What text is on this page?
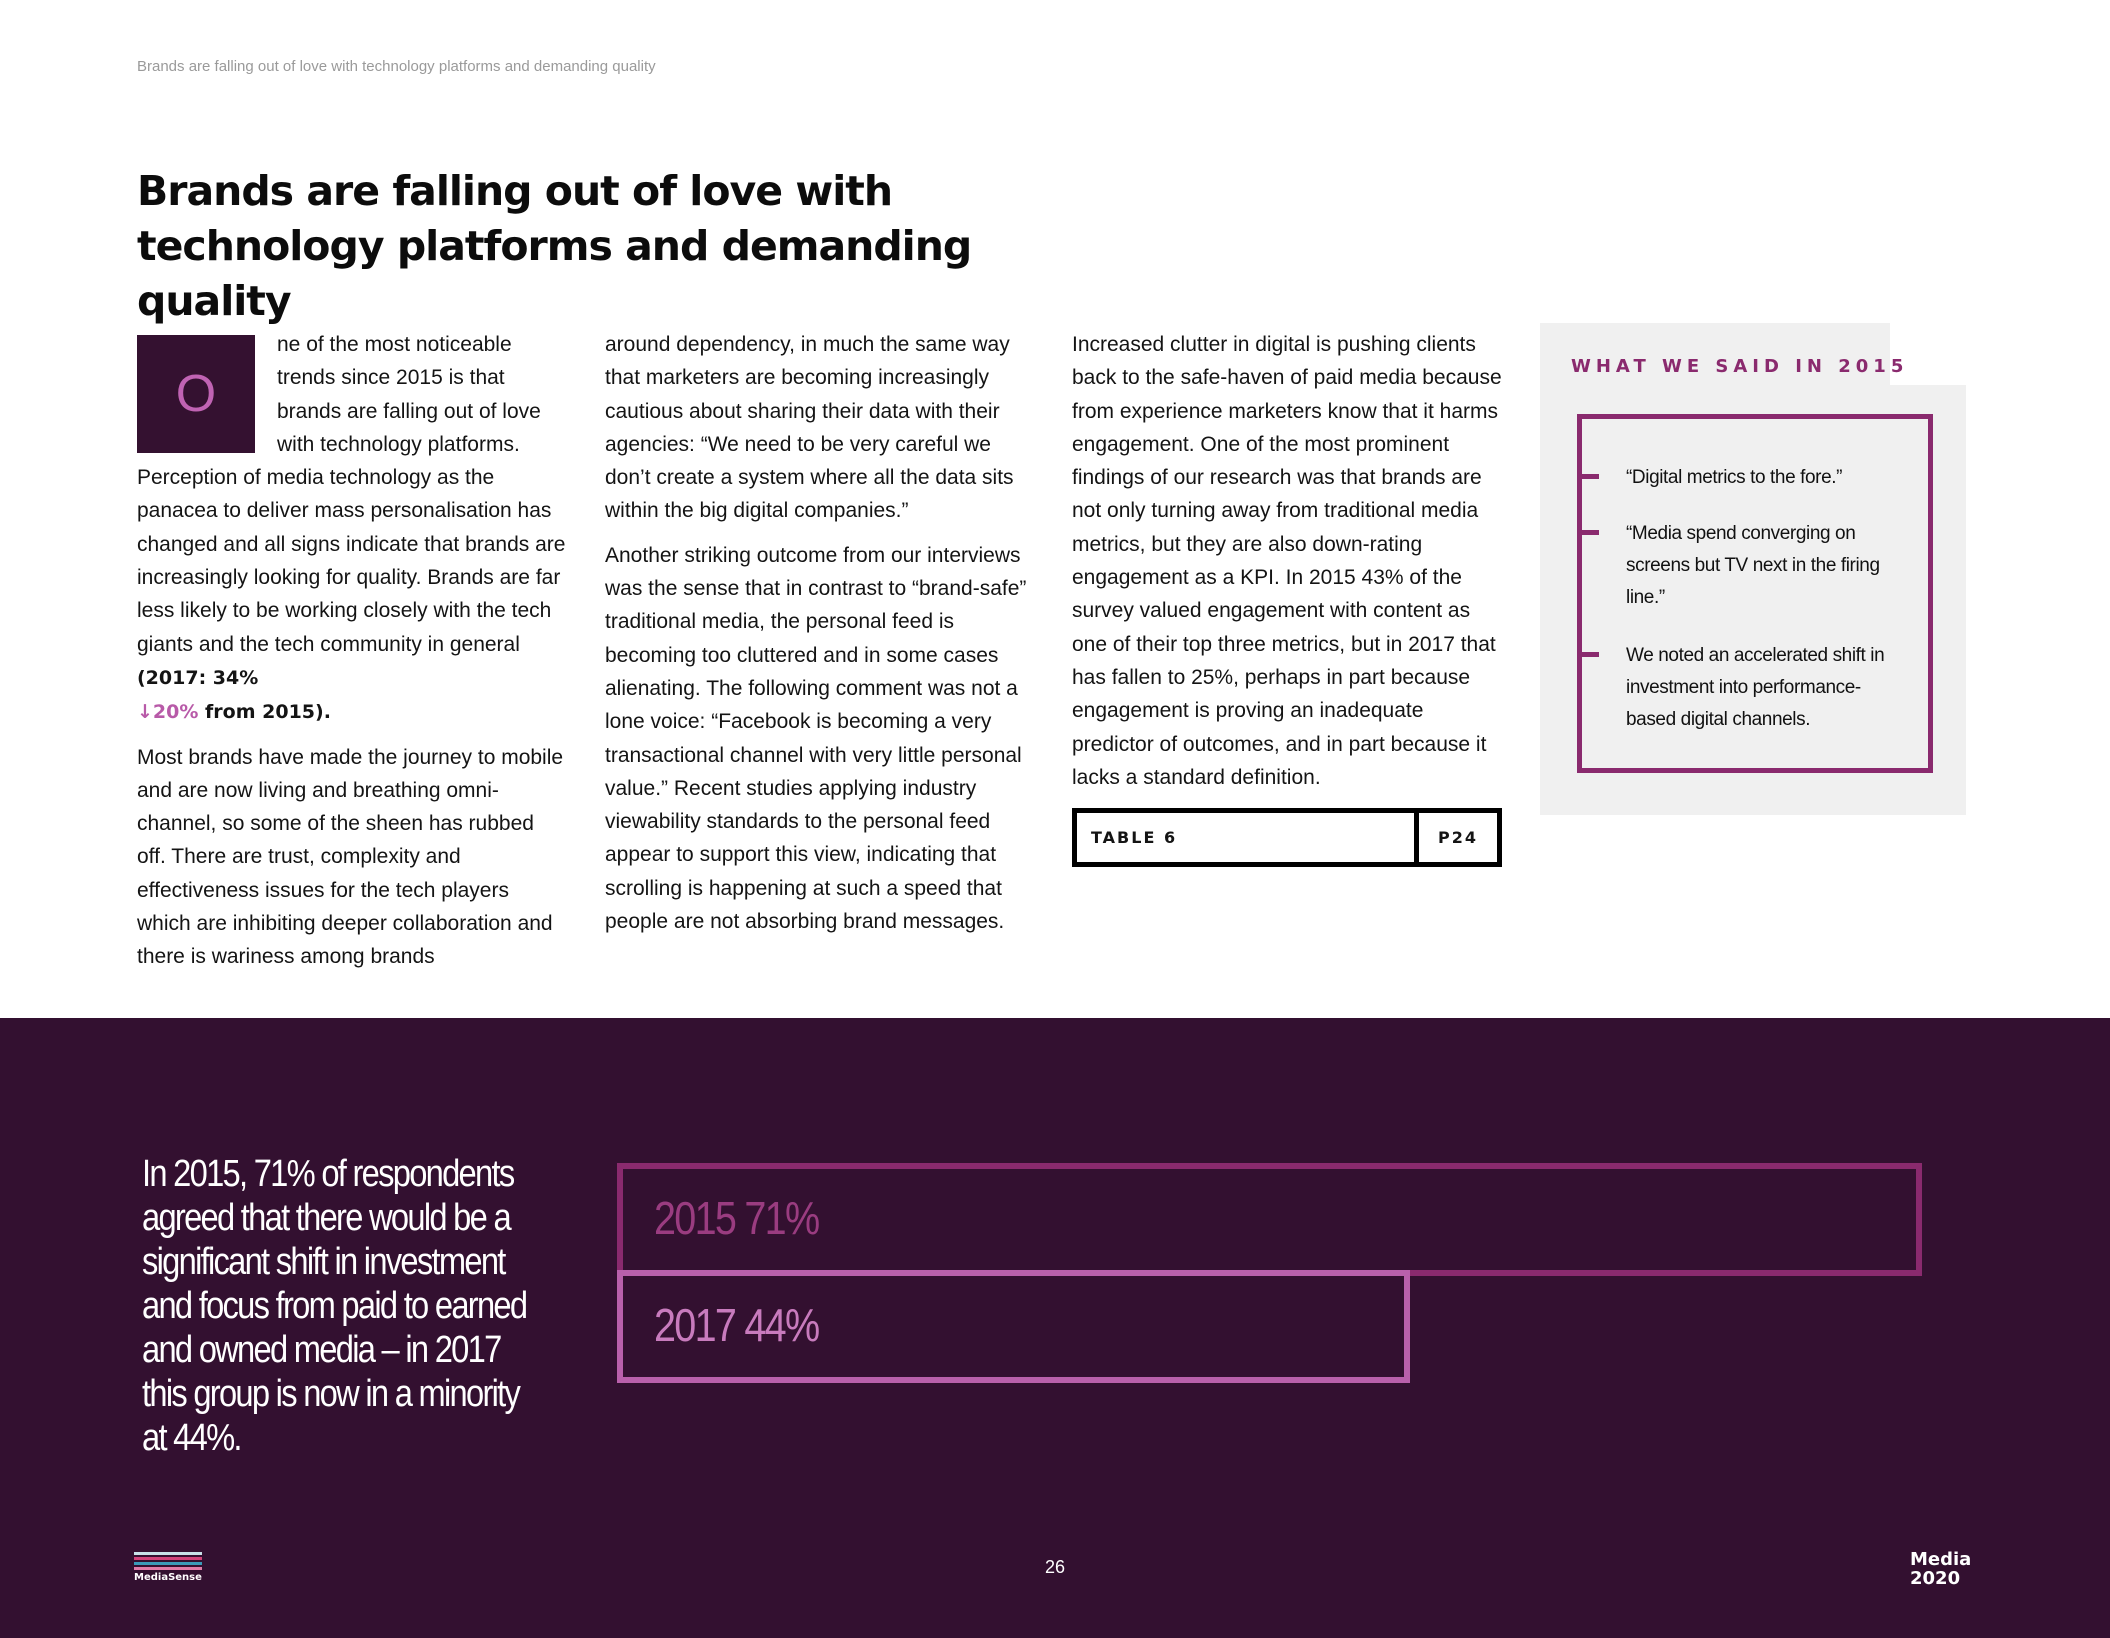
Brands are falling out of love with technology platforms and demanding quality
Brands are falling out of love with
technology platforms and demanding quality

O
ne of the most noticeable trends since 2015 is that brands are falling out of love with technology platforms. Perception of media technology as the panacea to deliver mass personalisation has changed and all signs indicate that brands are increasingly looking for quality. Brands are far less likely to be working closely with the tech giants and the tech community in general (2017: 34%
↓20% from 2015).

Most brands have made the journey to mobile and are now living and breathing omni-channel, so some of the sheen has rubbed off. There are trust, complexity and effectiveness issues for the tech players which are inhibiting deeper collaboration and there is wariness among brands

around dependency, in much the same way that marketers are becoming increasingly cautious about sharing their data with their agencies: “We need to be very careful we don’t create a system where all the data sits within the big digital companies.”

Another striking outcome from our interviews was the sense that in contrast to “brand-safe” traditional media, the personal feed is becoming too cluttered and in some cases alienating. The following comment was not a lone voice: “Facebook is becoming a very transactional channel with very little personal value.” Recent studies applying industry viewability standards to the personal feed appear to support this view, indicating that scrolling is happening at such a speed that people are not absorbing brand messages.

Increased clutter in digital is pushing clients back to the safe-haven of paid media because from experience marketers know that it harms engagement. One of the most prominent findings of our research was that brands are not only turning away from traditional media metrics, but they are also down-rating engagement as a KPI. In 2015 43% of the survey valued engagement with content as one of their top three metrics, but in 2017 that has fallen to 25%, perhaps in part because engagement is proving an inadequate predictor of outcomes, and in part because it lacks a standard definition.

TABLE 6	P24
WHAT WE SAID IN 2015
“Digital metrics to the fore.”
“Media spend converging on screens but TV next in the firing line.”
We noted an accelerated shift in investment into performance-based digital channels.
In 2015, 71% of respondents agreed that there would be a significant shift in investment and focus from paid to earned and owned media – in 2017 this group is now in a minority at 44%.
2015 71%
2017 44%
MediaSense
26	Media
2020
